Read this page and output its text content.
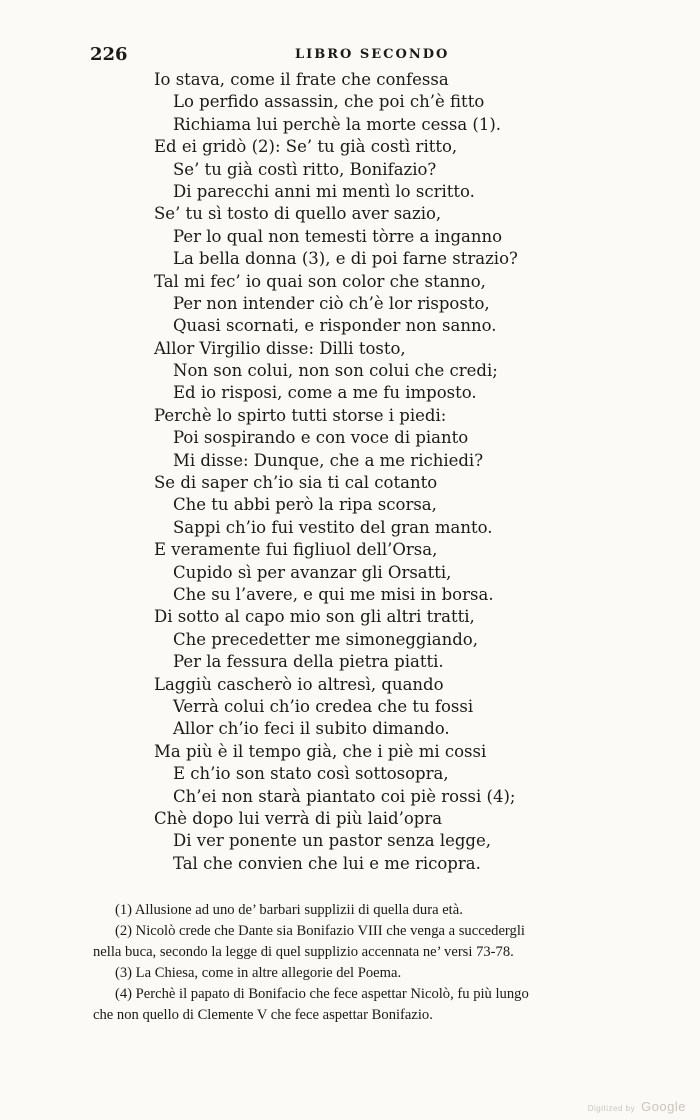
226	LIBRO SECONDO
Io stava, come il frate che confessa
Lo perfido assassin, che poi ch’è fitto
Richiama lui perchè la morte cessa (1).
Ed ei gridò (2): Se’ tu già costì ritto,
Se’ tu già costì ritto, Bonifazio?
Di parecchi anni mi mentì lo scritto.
Se’ tu sì tosto di quello aver sazio,
Per lo qual non temesti tòrre a inganno
La bella donna (3), e di poi farne strazio?
Tal mi fec’ io quai son color che stanno,
Per non intender ciò ch’è lor risposto,
Quasi scornati, e risponder non sanno.
Allor Virgilio disse: Dilli tosto,
Non son colui, non son colui che credi;
Ed io risposi, come a me fu imposto.
Perchè lo spirto tutti storse i piedi:
Poi sospirando e con voce di pianto
Mi disse: Dunque, che a me richiedi?
Se di saper ch’io sia ti cal cotanto
Che tu abbi però la ripa scorsa,
Sappi ch’io fui vestito del gran manto.
E veramente fui figliuol dell’Orsa,
Cupido sì per avanzar gli Orsatti,
Che su l’avere, e qui me misi in borsa.
Di sotto al capo mio son gli altri tratti,
Che precedetter me simoneggiando,
Per la fessura della pietra piatti.
Laggiù cascherò io altresì, quando
Verrà colui ch’io credea che tu fossi
Allor ch’io feci il subito dimando.
Ma più è il tempo già, che i piè mi cossi
E ch’io son stato così sottosopra,
Ch’ei non starà piantato coi piè rossi (4);
Chè dopo lui verrà di più laid’opra
Di ver ponente un pastor senza legge,
Tal che convien che lui e me ricopra.
(1) Allusione ad uno de’ barbari supplizii di quella dura età.
(2) Nicolò crede che Dante sia Bonifazio VIII che venga a succedergli
nella buca, secondo la legge di quel supplizio accennata ne’ versi 73-78.
(3) La Chiesa, come in altre allegorie del Poema.
(4) Perchè il papato di Bonifacio che fece aspettar Nicolò, fu più lungo
che non quello di Clemente V che fece aspettar Bonifazio.
Digitized by Google
